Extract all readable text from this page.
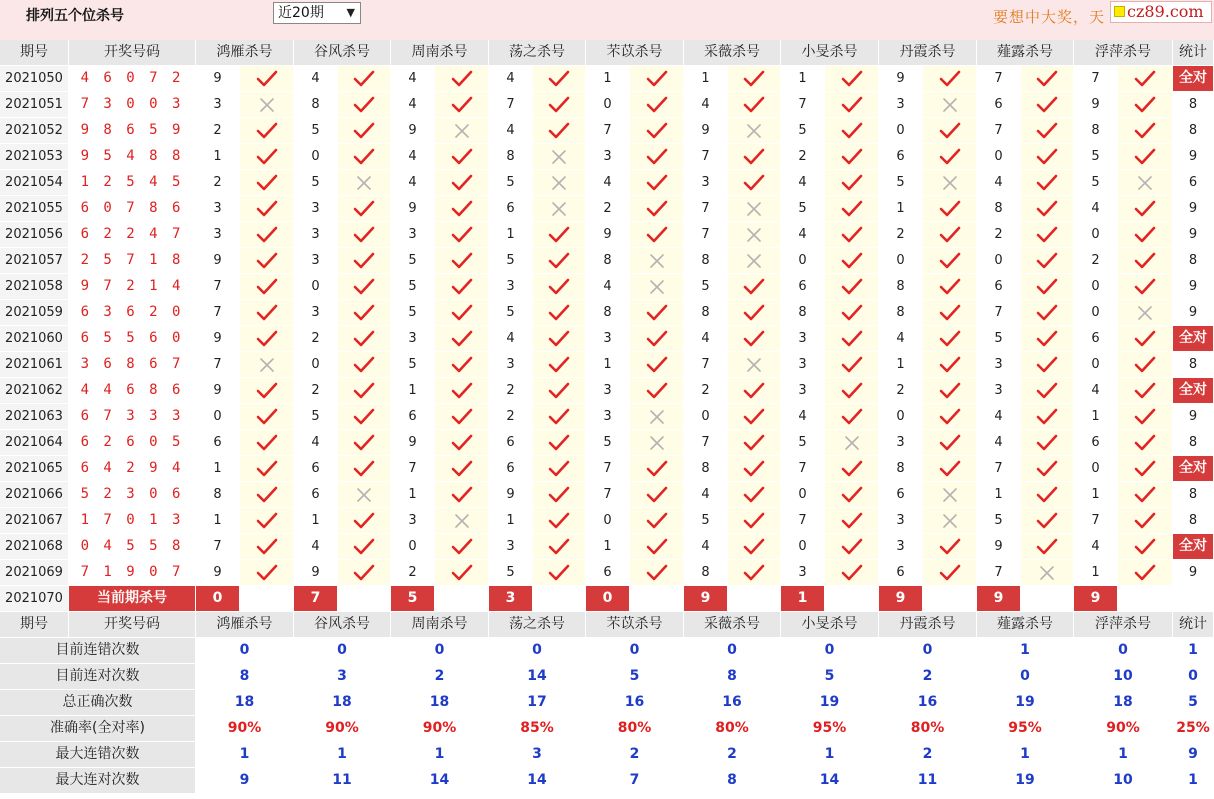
排列五个位杀号	近20期 ▼	要想中大奖，天	cz89.com
期号	开奖号码	鸿雁杀号	谷风杀号	周南杀号	荡之杀号	芣苡杀号	采薇杀号	小旻杀号	丹霞杀号	薤露杀号	浮萍杀号	统计
2021050	4 6 0 7 2	9	4	4	4	1	1	1	9	7	7	全对
2021051	7 3 0 0 3	3	8	4	7	0	4	7	3	6	9	8
2021052	9 8 6 5 9	2	5	9	4	7	9	5	0	7	8	8
2021053	9 5 4 8 8	1	0	4	8	3	7	2	6	0	5	9
2021054	1 2 5 4 5	2	5	4	5	4	3	4	5	4	5	6
2021055	6 0 7 8 6	3	3	9	6	2	7	5	1	8	4	9
2021056	6 2 2 4 7	3	3	3	1	9	7	4	2	2	0	9
2021057	2 5 7 1 8	9	3	5	5	8	8	0	0	0	2	8
2021058	9 7 2 1 4	7	0	5	3	4	5	6	8	6	0	9
2021059	6 3 6 2 0	7	3	5	5	8	8	8	8	7	0	9
2021060	6 5 5 6 0	9	2	3	4	3	4	3	4	5	6	全对
2021061	3 6 8 6 7	7	0	5	3	1	7	3	1	3	0	8
2021062	4 4 6 8 6	9	2	1	2	3	2	3	2	3	4	全对
2021063	6 7 3 3 3	0	5	6	2	3	0	4	0	4	1	9
2021064	6 2 6 0 5	6	4	9	6	5	7	5	3	4	6	8
2021065	6 4 2 9 4	1	6	7	6	7	8	7	8	7	0	全对
2021066	5 2 3 0 6	8	6	1	9	7	4	0	6	1	1	8
2021067	1 7 0 1 3	1	1	3	1	0	5	7	3	5	7	8
2021068	0 4 5 5 8	7	4	0	3	1	4	0	3	9	4	全对
2021069	7 1 9 0 7	9	9	2	5	6	8	3	6	7	1	9
2021070	当前期杀号	0	7	5	3	0	9	1	9	9	9
期号	开奖号码	鸿雁杀号	谷风杀号	周南杀号	荡之杀号	芣苡杀号	采薇杀号	小旻杀号	丹霞杀号	薤露杀号	浮萍杀号	统计
目前连错次数	0	0	0	0	0	0	0	0	1	0	1
目前连对次数	8	3	2	14	5	8	5	2	0	10	0
总正确次数	18	18	18	17	16	16	19	16	19	18	5
准确率(全对率)	90%	90%	90%	85%	80%	80%	95%	80%	95%	90%	25%
最大连错次数	1	1	1	3	2	2	1	2	1	1	9
最大连对次数	9	11	14	14	7	8	14	11	19	10	1
